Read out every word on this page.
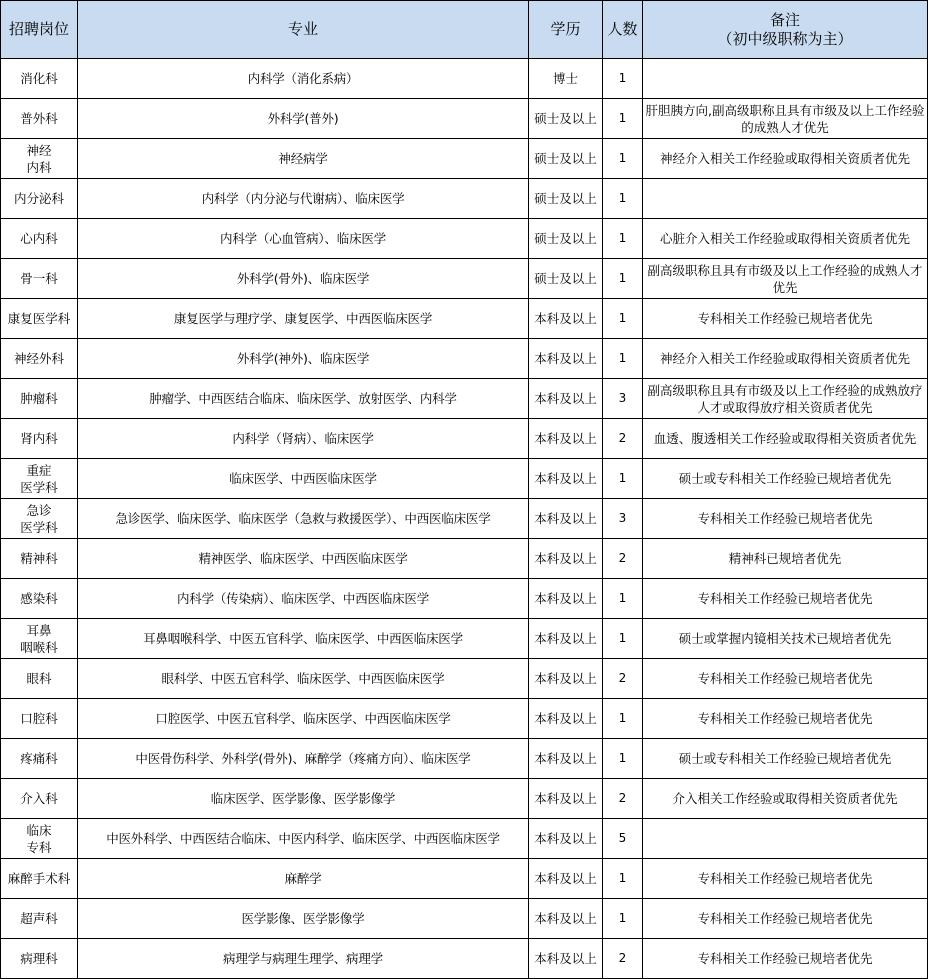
招聘岗位	专业	学历	人数	备注
（初中级职称为主）

消化科	内科学（消化系病）	博士	1	

普外科	外科学(普外)	硕士及以上	1	肝胆胰方向,副高级职称且具有市级及以上工作经验的成熟人才优先

神经
内科	神经病学	硕士及以上	1	神经介入相关工作经验或取得相关资质者优先

内分泌科	内科学（内分泌与代谢病）、临床医学	硕士及以上	1	

心内科	内科学（心血管病）、临床医学	硕士及以上	1	心脏介入相关工作经验或取得相关资质者优先

骨一科	外科学(骨外)、临床医学	硕士及以上	1	副高级职称且具有市级及以上工作经验的成熟人才优先

康复医学科	康复医学与理疗学、康复医学、中西医临床医学	本科及以上	1	专科相关工作经验已规培者优先

神经外科	外科学(神外)、临床医学	本科及以上	1	神经介入相关工作经验或取得相关资质者优先

肿瘤科	肿瘤学、中西医结合临床、临床医学、放射医学、内科学	本科及以上	3	副高级职称且具有市级及以上工作经验的成熟放疗人才或取得放疗相关资质者优先

肾内科	内科学（肾病）、临床医学	本科及以上	2	血透、腹透相关工作经验或取得相关资质者优先

重症
医学科	临床医学、中西医临床医学	本科及以上	1	硕士或专科相关工作经验已规培者优先

急诊
医学科	急诊医学、临床医学、临床医学（急救与救援医学）、中西医临床医学	本科及以上	3	专科相关工作经验已规培者优先

精神科	精神医学、临床医学、中西医临床医学	本科及以上	2	精神科已规培者优先

感染科	内科学（传染病）、临床医学、中西医临床医学	本科及以上	1	专科相关工作经验已规培者优先

耳鼻
咽喉科	耳鼻咽喉科学、中医五官科学、临床医学、中西医临床医学	本科及以上	1	硕士或掌握内镜相关技术已规培者优先

眼科	眼科学、中医五官科学、临床医学、中西医临床医学	本科及以上	2	专科相关工作经验已规培者优先

口腔科	口腔医学、中医五官科学、临床医学、中西医临床医学	本科及以上	1	专科相关工作经验已规培者优先

疼痛科	中医骨伤科学、外科学(骨外)、麻醉学（疼痛方向）、临床医学	本科及以上	1	硕士或专科相关工作经验已规培者优先

介入科	临床医学、医学影像、医学影像学	本科及以上	2	介入相关工作经验或取得相关资质者优先

临床
专科	中医外科学、中西医结合临床、中医内科学、临床医学、中西医临床医学	本科及以上	5	

麻醉手术科	麻醉学	本科及以上	1	专科相关工作经验已规培者优先

超声科	医学影像、医学影像学	本科及以上	1	专科相关工作经验已规培者优先

病理科	病理学与病理生理学、病理学	本科及以上	2	专科相关工作经验已规培者优先
